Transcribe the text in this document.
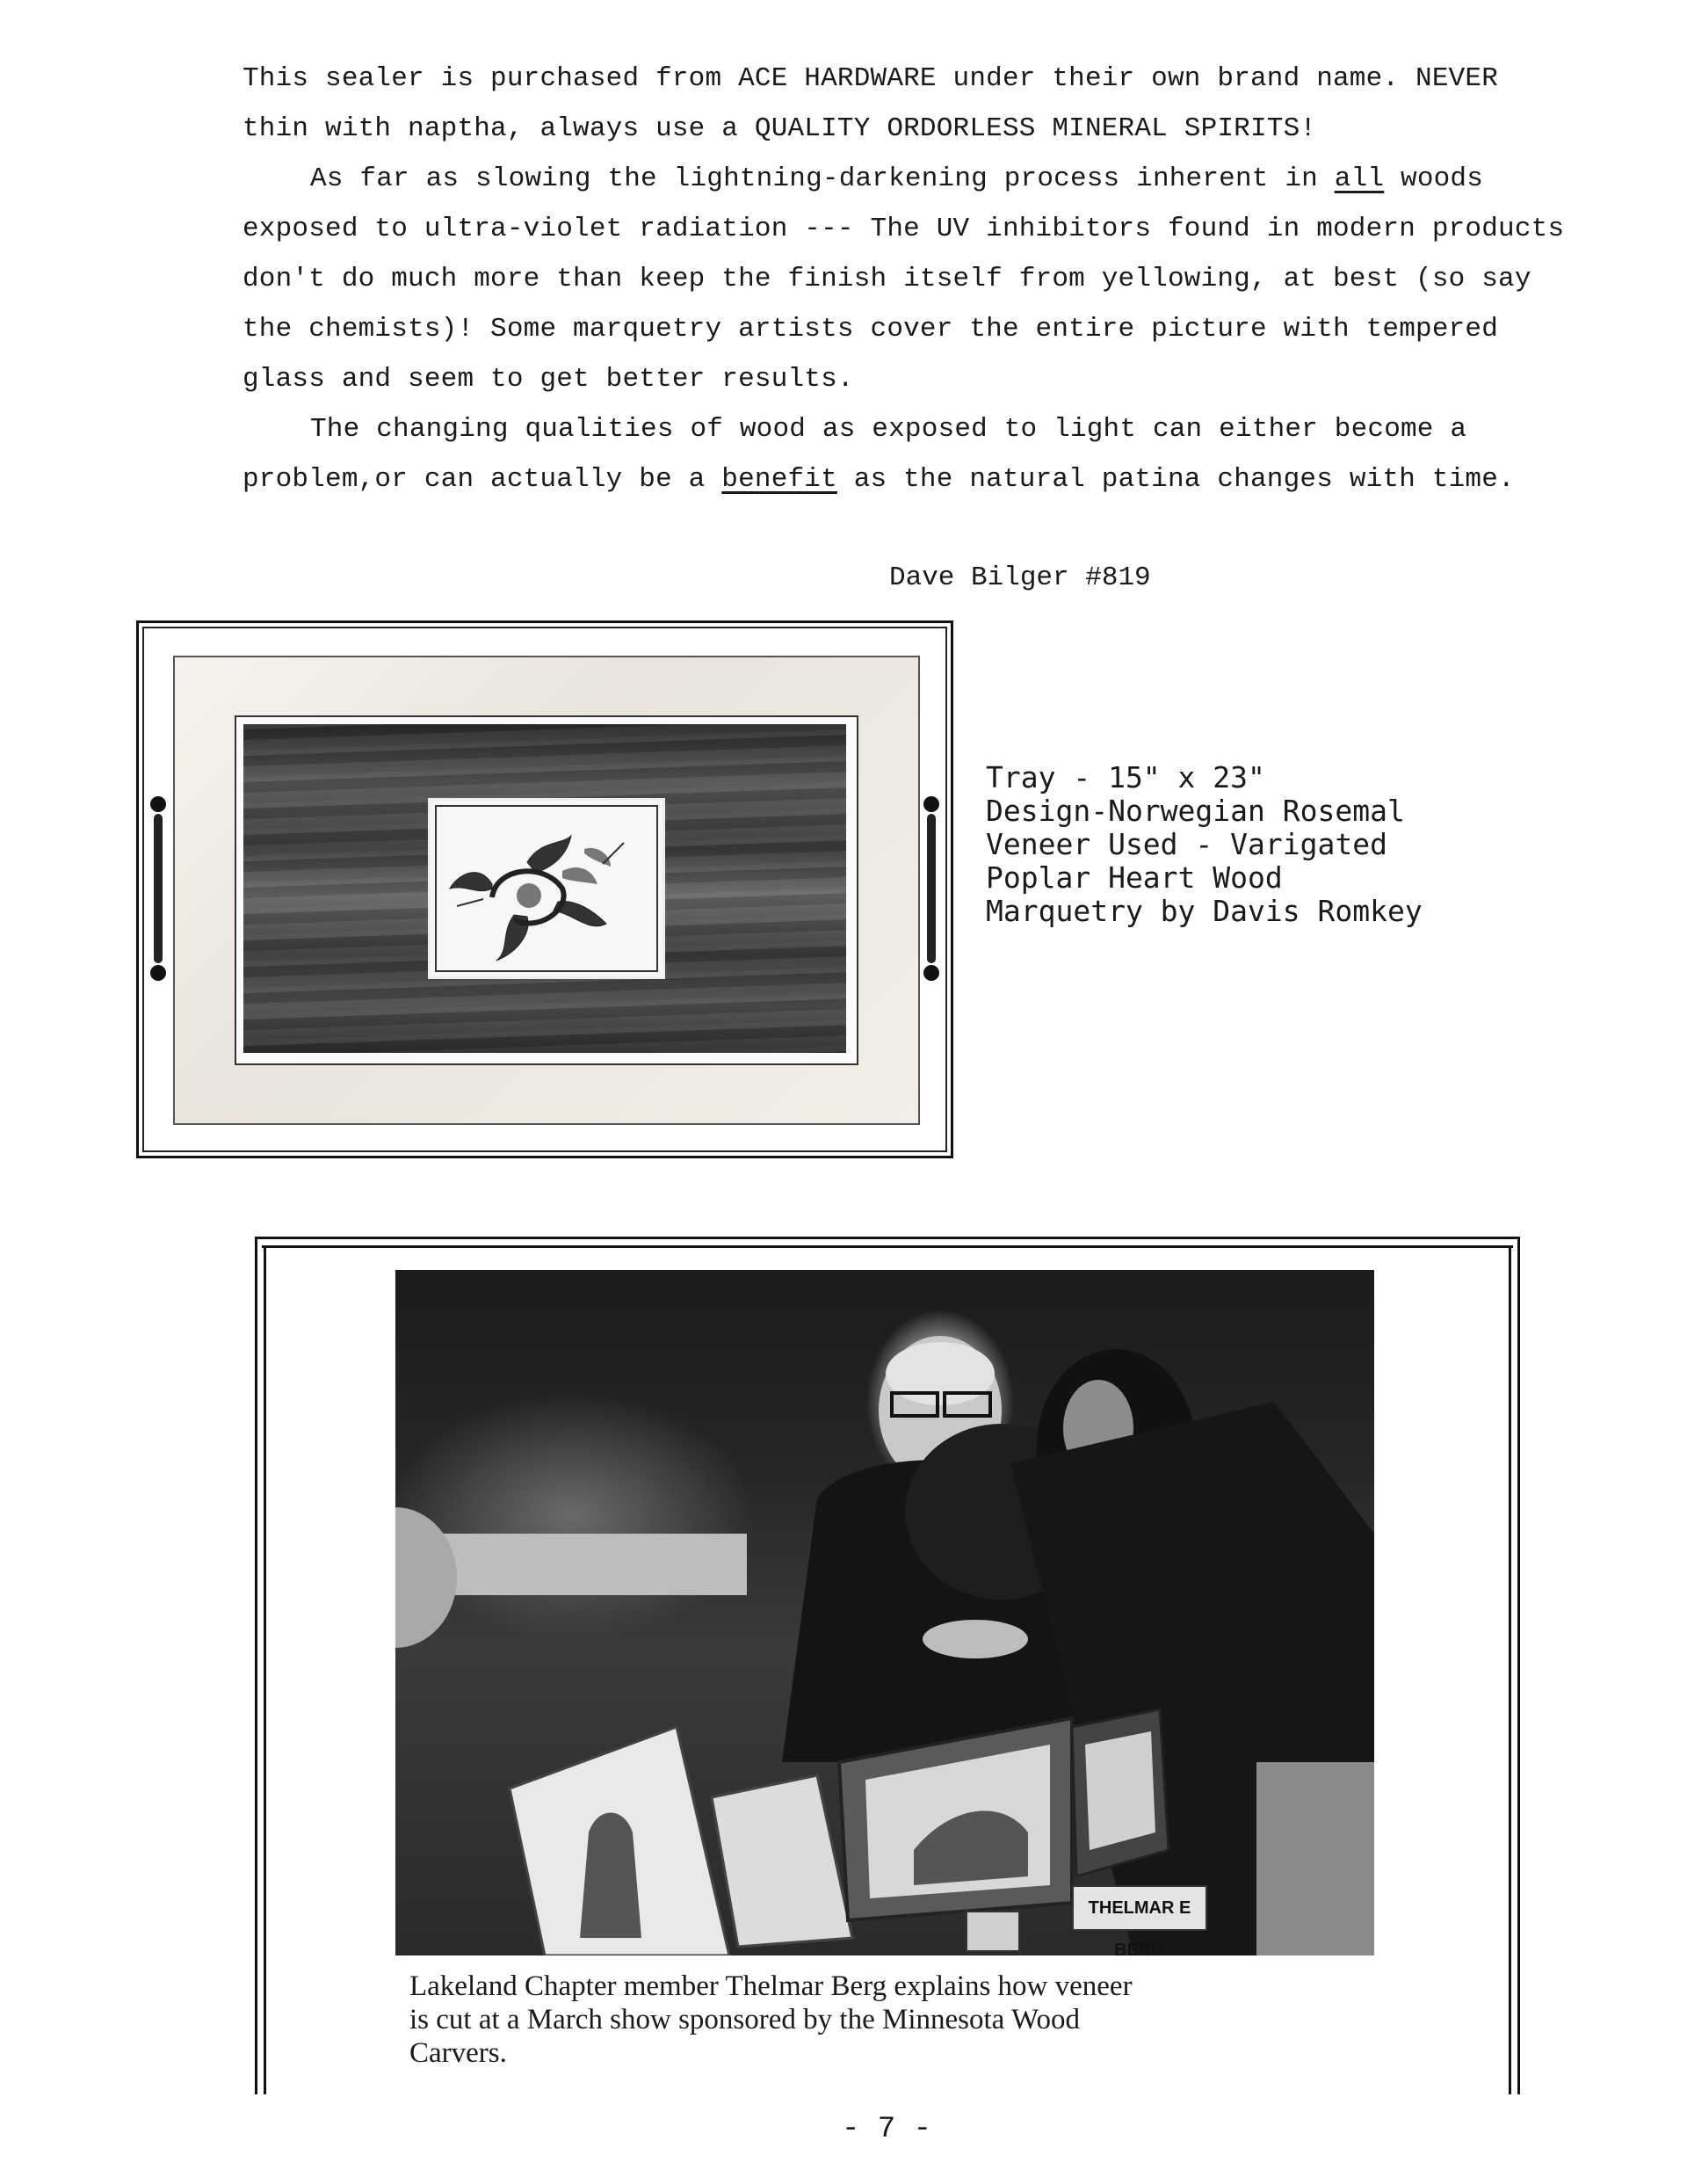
This sealer is purchased from ACE HARDWARE under their own brand name. NEVER
thin with naptha, always use a QUALITY ORDORLESS MINERAL SPIRITS!
As far as slowing the lightning-darkening process inherent in all woods
exposed to ultra-violet radiation --- The UV inhibitors found in modern products
don't do much more than keep the finish itself from yellowing, at best (so say
the chemists)! Some marquetry artists cover the entire picture with tempered
glass and seem to get better results.
The changing qualities of wood as exposed to light can either become a
problem,or can actually be a benefit as the natural patina changes with time.
Dave Bilger #819
Tray - 15" x 23"
Design-Norwegian Rosemal
Veneer Used - Varigated
Poplar Heart Wood
Marquetry by Davis Romkey
THELMAR E BERG
Lakeland Chapter member Thelmar Berg explains how veneer
is cut at a March show sponsored by the Minnesota Wood
Carvers.
- 7 -
